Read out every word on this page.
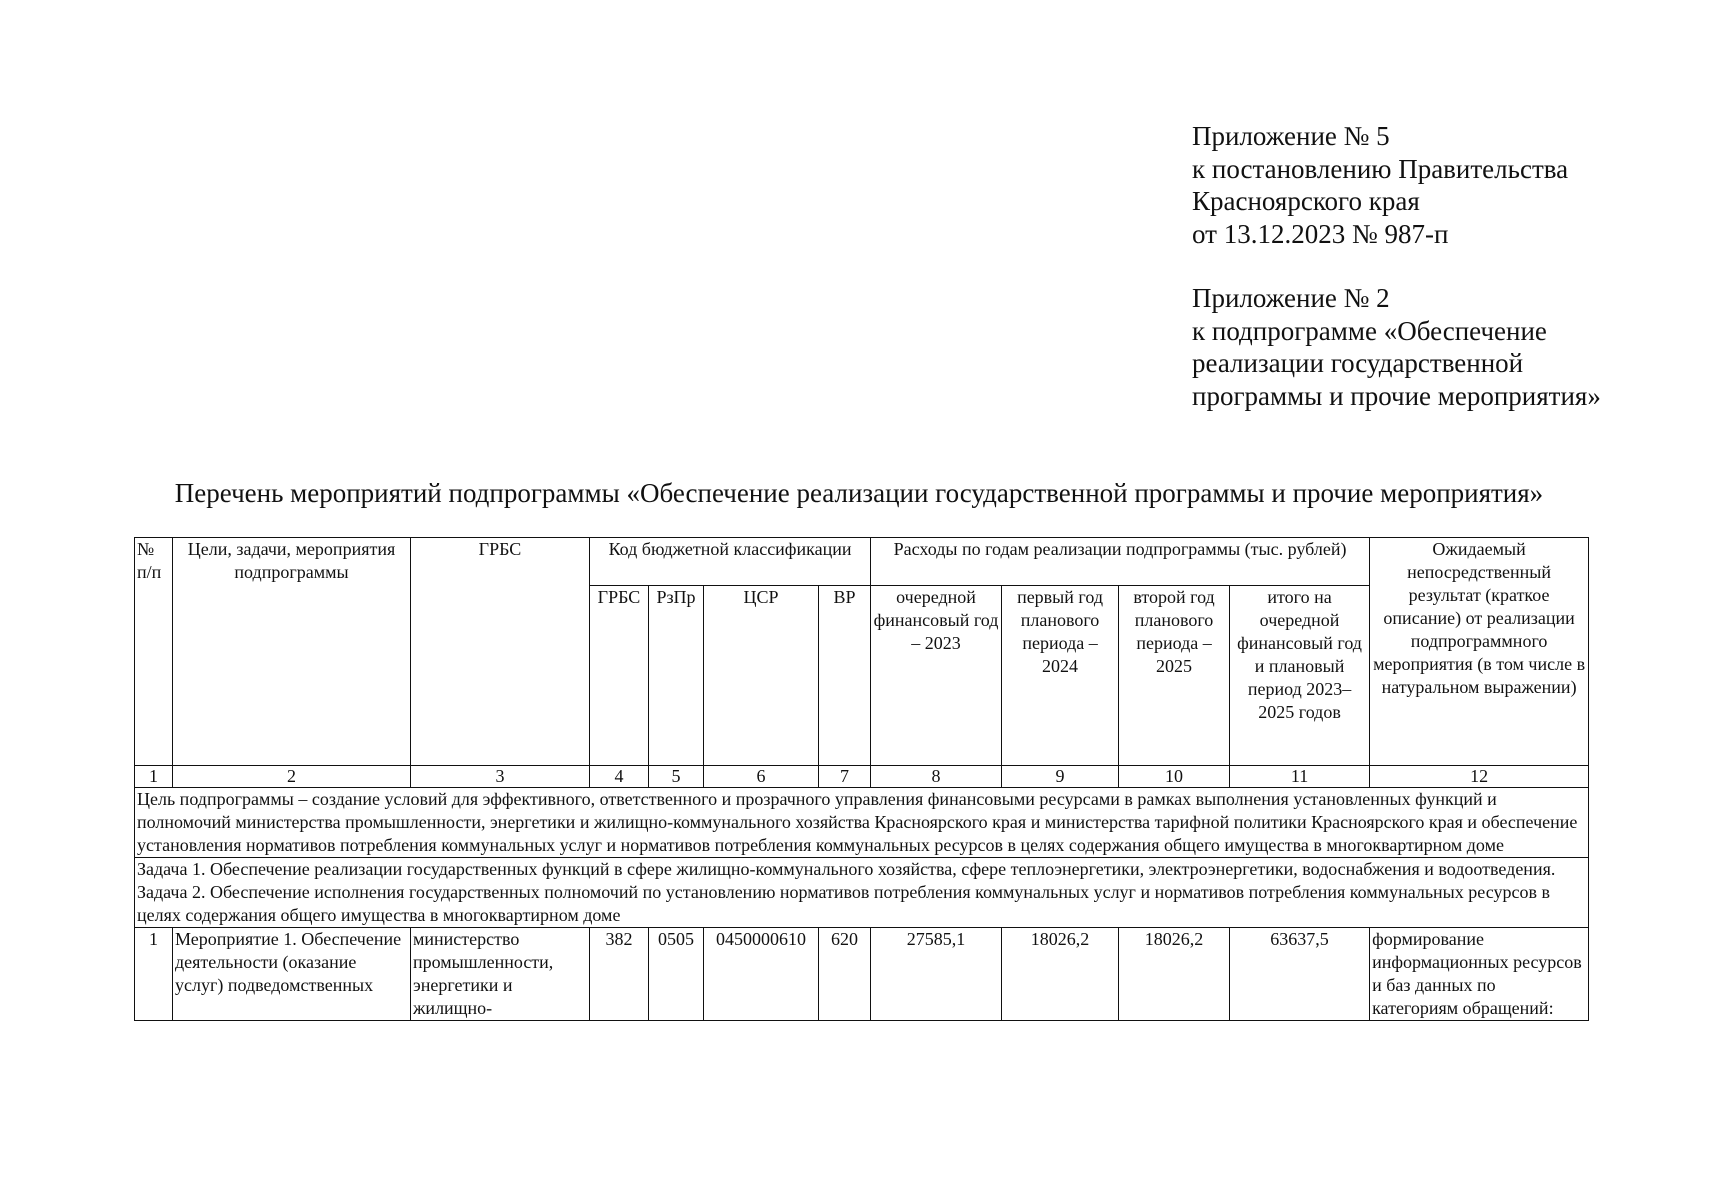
Приложение № 5
к постановлению Правительства
Красноярского края
от 13.12.2023 № 987-п
Приложение № 2
к подпрограмме «Обеспечение
реализации государственной
программы и прочие мероприятия»
Перечень мероприятий подпрограммы «Обеспечение реализации государственной программы и прочие мероприятия»
№ п/п	Цели, задачи, мероприятия подпрограммы	ГРБС	Код бюджетной классификации				Расходы по годам реализации подпрограммы (тыс. рублей)				Ожидаемый непосредственный результат (краткое описание) от реализации подпрограммного мероприятия (в том числе в натуральном выражении)
			ГРБС	РзПр	ЦСР	ВР	очередной финансовый год – 2023	первый год планового периода – 2024	второй год планового периода – 2025	итого на очередной финансовый год и плановый период 2023–2025 годов	
1	2	3	4	5	6	7	8	9	10	11	12
Цель подпрограммы – создание условий для эффективного, ответственного и прозрачного управления финансовыми ресурсами в рамках выполнения установленных функций и полномочий министерства промышленности, энергетики и жилищно-коммунального хозяйства Красноярского края и министерства тарифной политики Красноярского края и обеспечение установления нормативов потребления коммунальных услуг и нормативов потребления коммунальных ресурсов в целях содержания общего имущества в многоквартирном доме											

Задача 1. Обеспечение реализации государственных функций в сфере жилищно-коммунального хозяйства, сфере теплоэнергетики, электроэнергетики, водоснабжения и водоотведения.
Задача 2. Обеспечение исполнения государственных полномочий по установлению нормативов потребления коммунальных услуг и нормативов потребления коммунальных ресурсов в целях содержания общего имущества в многоквартирном доме											

1	Мероприятие 1. Обеспечение деятельности (оказание услуг) подведомственных	министерство промышленности, энергетики и жилищно-	382	0505	0450000610	620	27585,1	18026,2	18026,2	63637,5	формирование информационных ресурсов и баз данных по категориям обращений:
